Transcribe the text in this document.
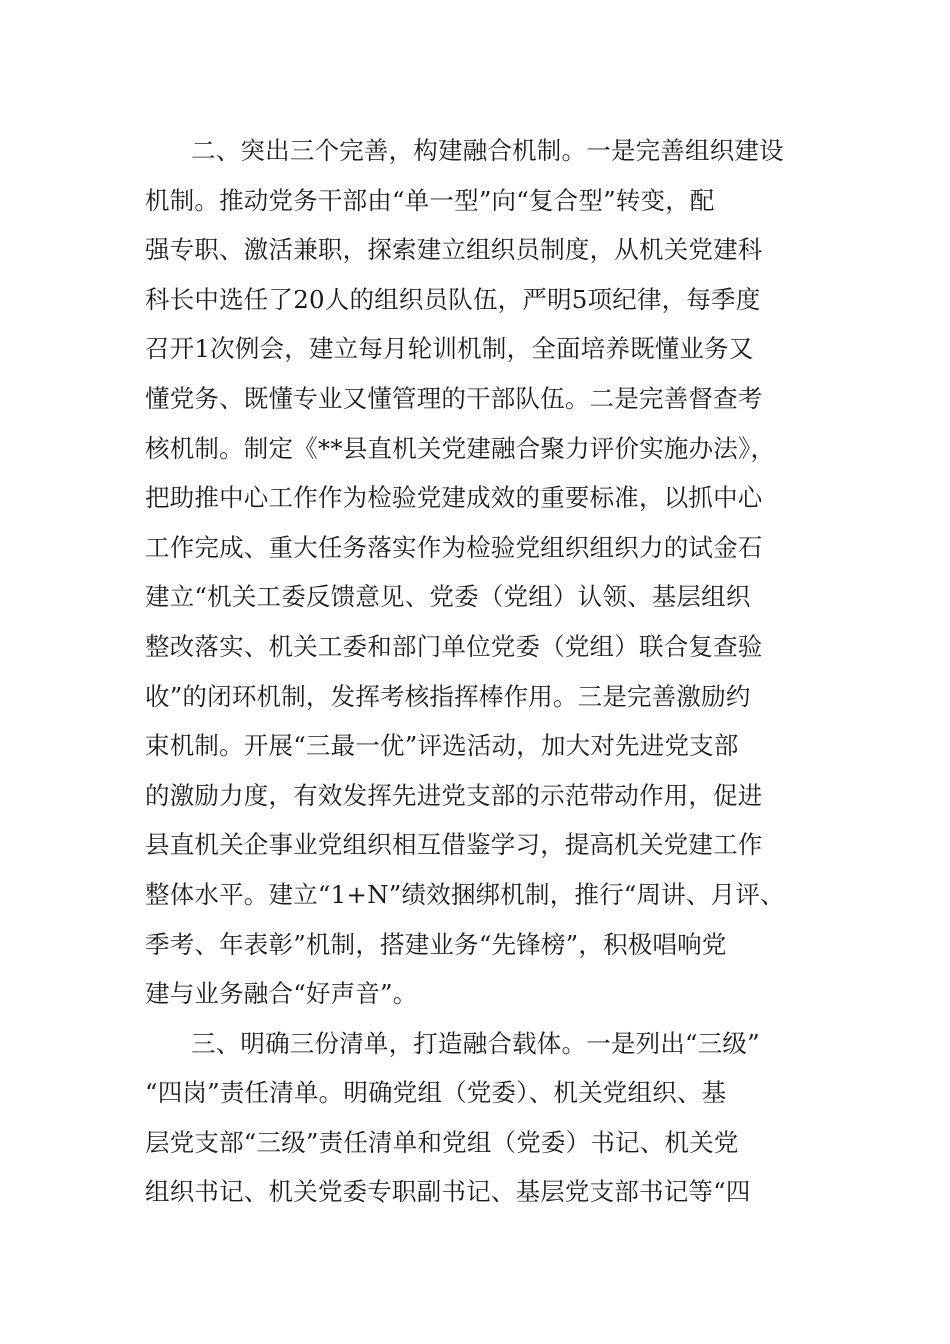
二、突出三个完善，构建融合机制。一是完善组织建设
机制。推动党务干部由“单一型”向“复合型”转变，配
强专职、激活兼职，探索建立组织员制度，从机关党建科
科长中选任了20人的组织员队伍，严明5项纪律，每季度
召开1次例会，建立每月轮训机制，全面培养既懂业务又
懂党务、既懂专业又懂管理的干部队伍。二是完善督查考
核机制。制定《**县直机关党建融合聚力评价实施办法》，
把助推中心工作作为检验党建成效的重要标准，以抓中心
工作完成、重大任务落实作为检验党组织组织力的试金石
建立“机关工委反馈意见、党委（党组）认领、基层组织
整改落实、机关工委和部门单位党委（党组）联合复查验
收”的闭环机制，发挥考核指挥棒作用。三是完善激励约
束机制。开展“三最一优”评选活动，加大对先进党支部
的激励力度，有效发挥先进党支部的示范带动作用，促进
县直机关企事业党组织相互借鉴学习，提高机关党建工作
整体水平。建立“1+N”绩效捆绑机制，推行“周讲、月评、
季考、年表彰”机制，搭建业务“先锋榜”，积极唱响党
建与业务融合“好声音”。
三、明确三份清单，打造融合载体。一是列出“三级”
“四岗”责任清单。明确党组（党委）、机关党组织、基
层党支部“三级”责任清单和党组（党委）书记、机关党
组织书记、机关党委专职副书记、基层党支部书记等“四
